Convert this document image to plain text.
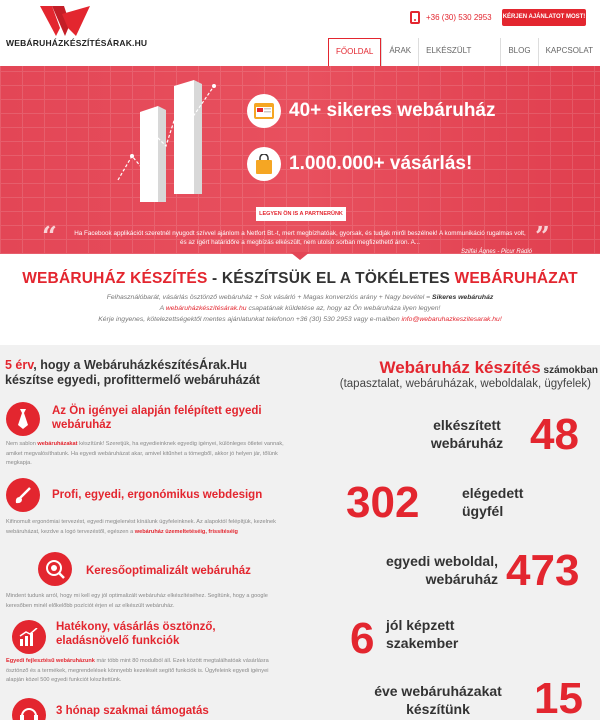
WEBÁRUHÁZKÉSZÍTÉSÁRAK.HU
+36 (30) 530 2953 KÉRJEN AJÁNLATOT MOST!
FŐOLDAL	ÁRAK	ELKÉSZÜLT	BLOG	KAPCSOLAT
40+ sikeres webáruház
1.000.000+ vásárlás!
LEGYEN ÖN IS A PARTNERÜNK
“	Ha Facebook applikációt szeretnél nyugodt szívvel ajánlom a Netfort Bt.-t, mert megbízhatóak, gyorsak, és tudják miről beszélnek! A kommunikáció rugalmas volt, és az ígért határidőre a megbízás elkészült, nem utolsó sorban megfizethető áron. A...	”
Szilfai Ágnes - Picur Rádió
WEBÁRUHÁZ KÉSZÍTÉS - KÉSZÍTSÜK EL A TÖKÉLETES WEBÁRUHÁZAT
Felhasználóbarát, vásárlás ösztönző webáruház + Sok vásárló + Magas konverziós arány + Nagy bevétel = Sikeres webáruház
A webáruházkészítésárak.hu csapatának küldetése az, hogy az Ön webáruháza ilyen legyen!
Kérje ingyenes, kötelezettségektől mentes ajánlatunkat telefonon +36 (30) 530 2953 vagy e-mailben info@webaruhazkeszitesarak.hu!
5 érv, hogy a WebáruházkészítésÁrak.Hu készítse egyedi, profittermelő webáruházát
Az Ön igényei alapján felépített egyedi webáruház
Nem sablon webáruházakat készítünk! Szeretjük, ha egyedieinknek egyedig igényei, különleges ötletei vannak, amiket megvalósíthatunk. Ha egyedi webáruházat akar, amivel kitűnhet a tömegből, akkor jó helyen jár, tőlünk megkapja.
Profi, egyedi, ergonómikus webdesign
Kifinomult ergonómiai tervezést, egyedi megjelenést kínálunk ügyfeleinknek. Az alapoktól felépítjük, kezelnek webáruházat, kezdve a logó tervezéstől, egészen a webáruház üzemeltetéséig, frissítéséig
Keresőoptimalizált webáruház
Mindent tudunk arról, hogy mi kell egy jól optimalizált webáruház elkészítéséhez. Segítünk, hogy a google keresőben minél előkelőbb pozíciót érjen el az elkészült webáruház.
Hatékony, vásárlás ösztönző, eladásnövelő funkciók
Egyedi fejlesztésű webáruházunk már több mint 80 modulból áll. Ezek között megtalálhatóak vásárlásra ösztönző és a termékek, megrendelések könnyebb kezelését segítő funkciók is. Ügyfeleink egyedi igényei alapján közel 500 egyedi funkciót készítettünk.
3 hónap szakmai támogatás
Webáruház készítés számokban
(tapasztalat, webáruházak, weboldalak, ügyfelek)
elkészített webáruház 48
302	elégedett ügyfél
egyedi weboldal, webáruház 473
6 jól képzett szakember
éve webáruházakat készítünk	15
